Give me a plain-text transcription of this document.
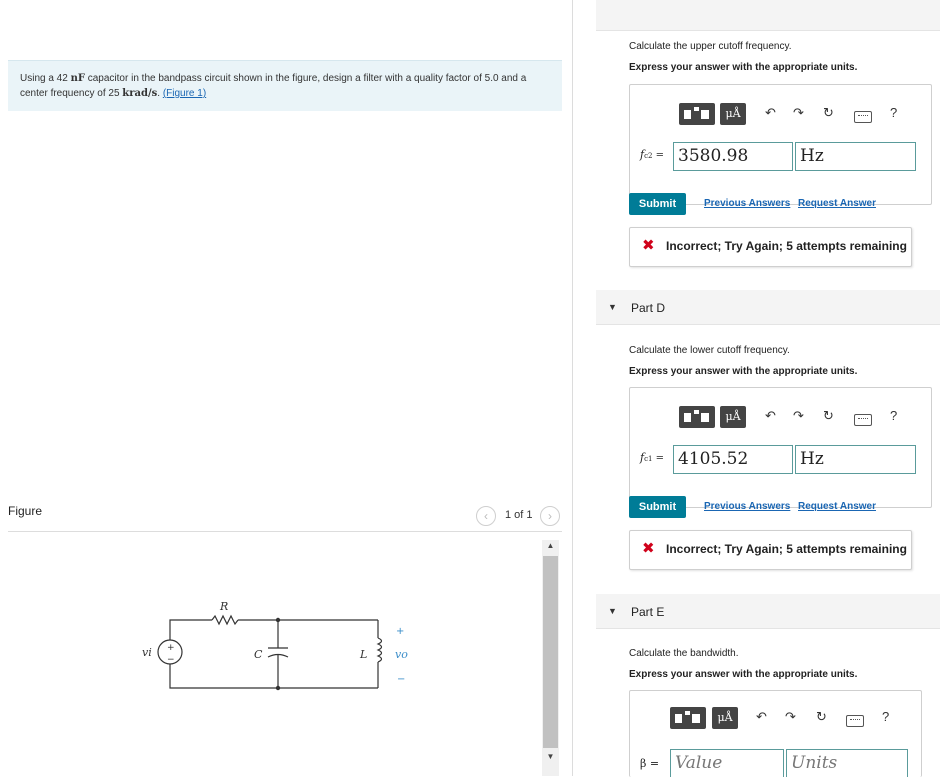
Using a 42 nF capacitor in the bandpass circuit shown in the figure, design a filter with a quality factor of 5.0 and a center frequency of 25 krad/s. (Figure 1)
Figure	‹ 1 of 1 ›
R
C	L
vi	vo
+
−
+
−
▲
▼
Calculate the upper cutoff frequency.
Express your answer with the appropriate units.
μÅ	↶ ↷ ↻	?
fc2 = 3580.98	Hz
Submit	Previous Answers Request Answer
✖ Incorrect; Try Again; 5 attempts remaining
▼ Part D
Calculate the lower cutoff frequency.
Express your answer with the appropriate units.
μÅ	↶ ↷ ↻	?
fc1 = 4105.52	Hz
Submit	Previous Answers Request Answer
✖ Incorrect; Try Again; 5 attempts remaining
▼ Part E
Calculate the bandwidth.
Express your answer with the appropriate units.
μÅ	↶ ↷ ↻	?
β = Value	Units
